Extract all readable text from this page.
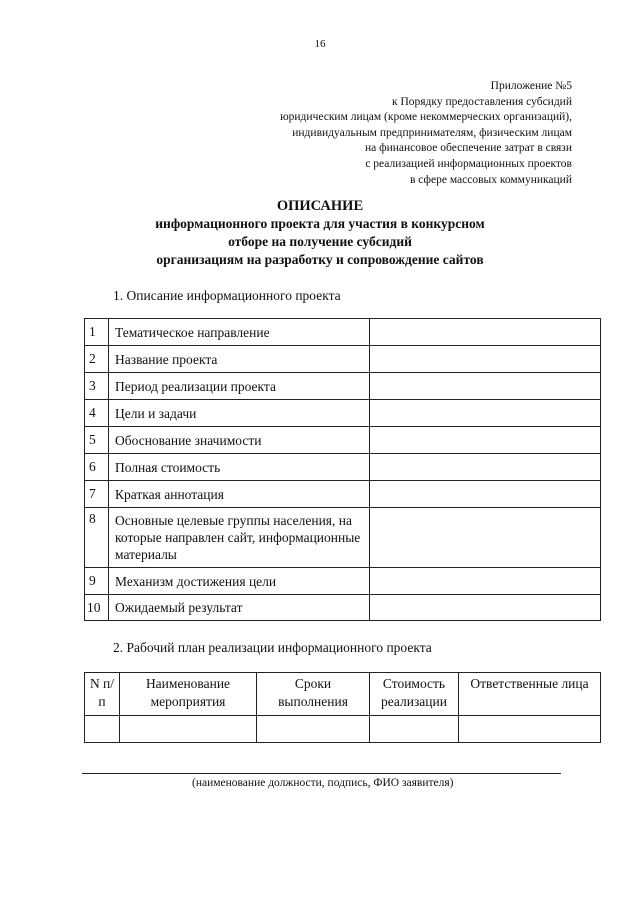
16
Приложение №5
к Порядку предоставления субсидий
юридическим лицам (кроме некоммерческих организаций),
индивидуальным предпринимателям, физическим лицам
на финансовое обеспечение затрат в связи
с реализацией информационных проектов
в сфере массовых коммуникаций
ОПИСАНИЕ
информационного проекта для участия в конкурсном
отборе на получение субсидий
организациям на разработку и сопровождение сайтов
1. Описание информационного проекта
1	Тематическое направление	
2	Название проекта	
3	Период реализации проекта	
4	Цели и задачи	
5	Обоснование значимости	
6	Полная стоимость	
7	Краткая аннотация	
8	Основные целевые группы населения, на которые направлен сайт, информационные материалы	
9	Механизм достижения цели	
10	Ожидаемый результат	
2. Рабочий план реализации информационного проекта
N п/п	Наименование мероприятия	Сроки выполнения	Стоимость реализации	Ответственные лица

(наименование должности, подпись, ФИО заявителя)
